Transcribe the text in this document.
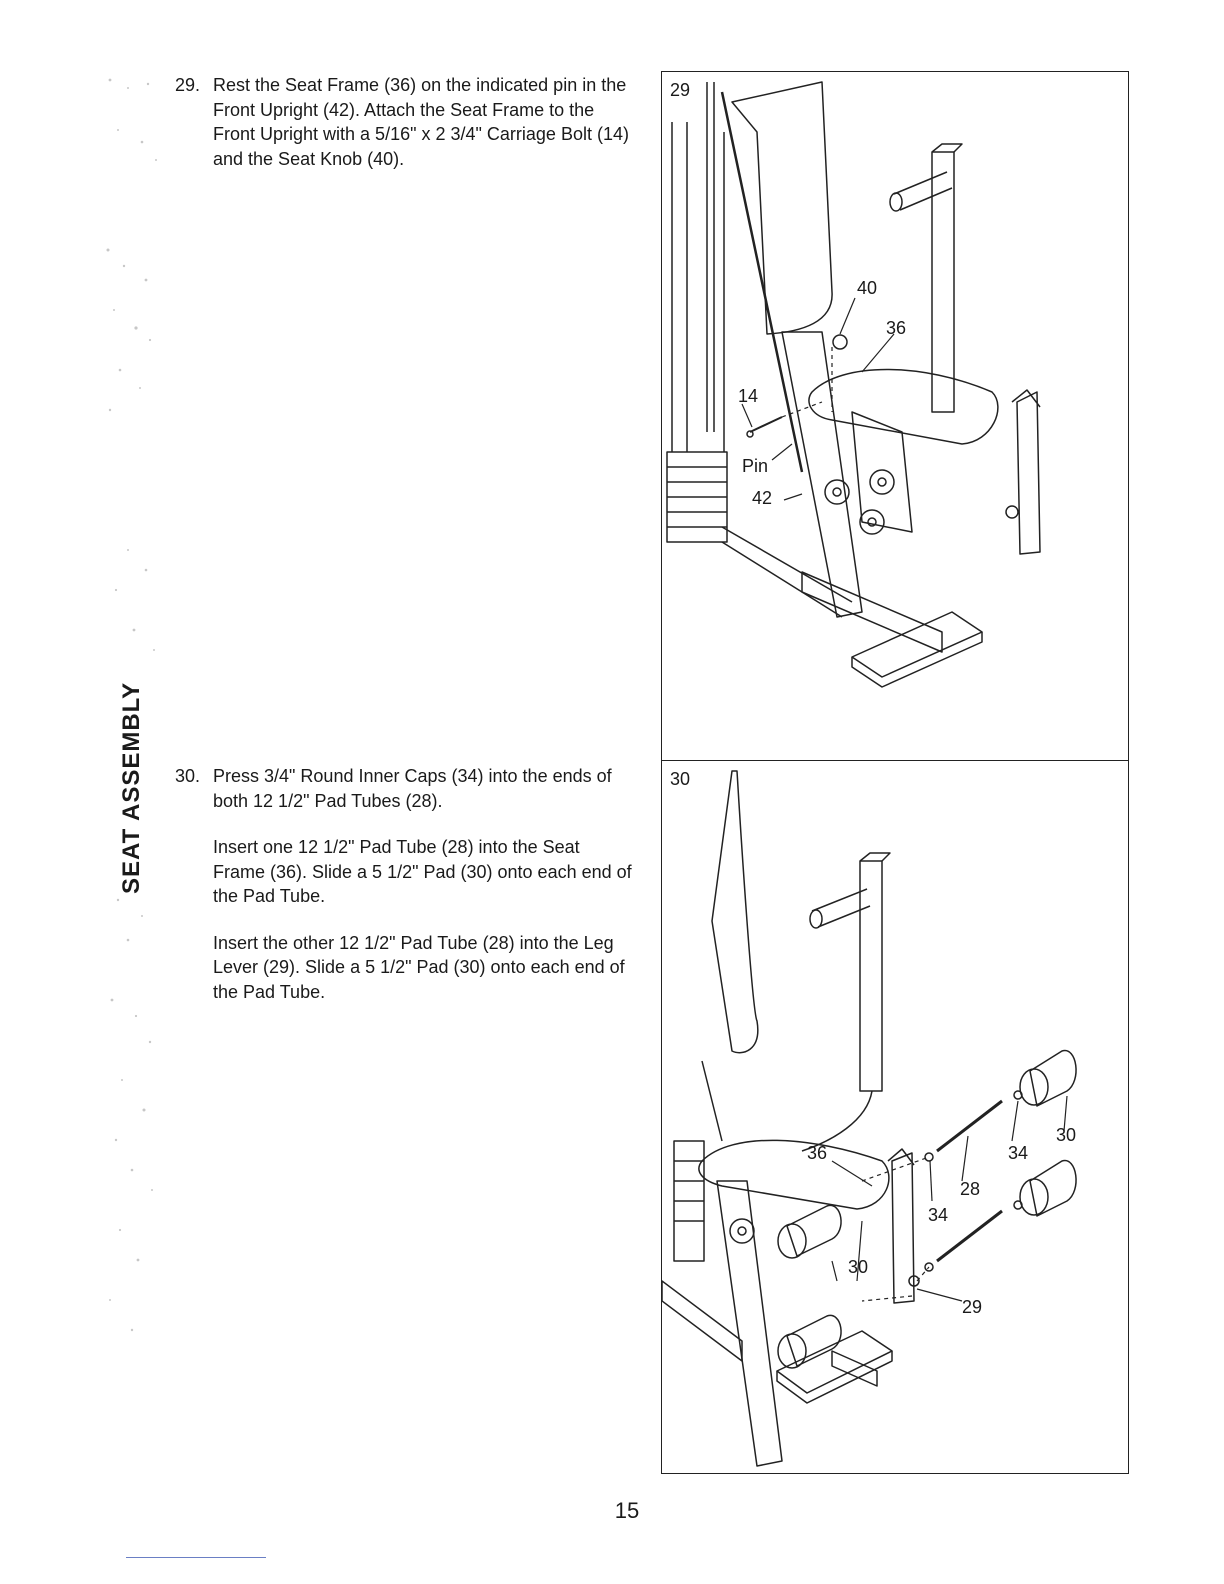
29. Rest the Seat Frame (36) on the indicated pin in the Front Upright (42). Attach the Seat Frame to the Front Upright with a 5/16" x 2 3/4" Carriage Bolt (14) and the Seat Knob (40).

30. Press 3/4" Round Inner Caps (34) into the ends of both 12 1/2" Pad Tubes (28).

Insert one 12 1/2" Pad Tube (28) into the Seat Frame (36). Slide a 5 1/2" Pad (30) onto each end of the Pad Tube.

Insert the other 12 1/2" Pad Tube (28) into the Leg Lever (29). Slide a 5 1/2" Pad (30) onto each end of the Pad Tube.

SEAT ASSEMBLY
29
40
36
14
Pin
42
30
36	34
30
28
34
30
29
15
